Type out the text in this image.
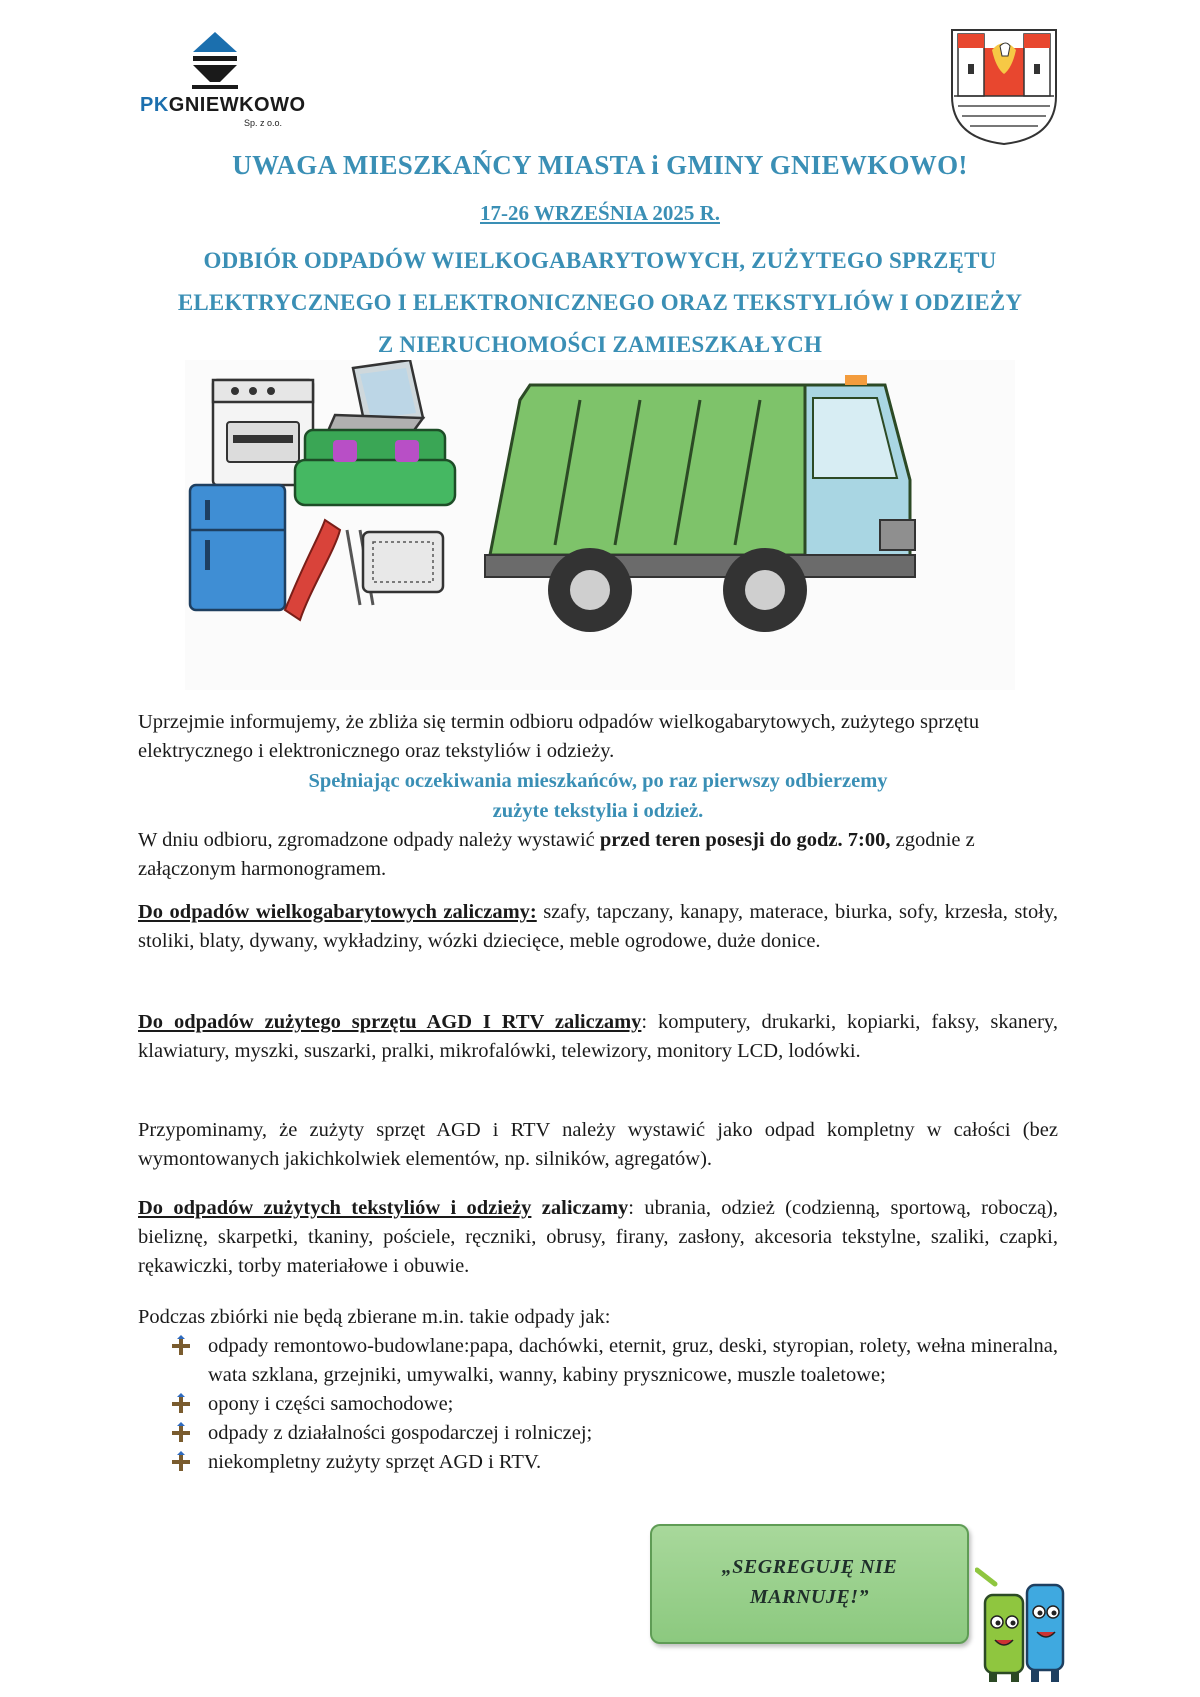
PKGNIEWKOWO
Sp. z o.o.
UWAGA MIESZKAŃCY MIASTA i GMINY GNIEWKOWO!
17-26 WRZEŚNIA 2025 R.
ODBIÓR ODPADÓW WIELKOGABARYTOWYCH, ZUŻYTEGO SPRZĘTU
ELEKTRYCZNEGO I ELEKTRONICZNEGO ORAZ TEKSTYLIÓW I ODZIEŻY
Z NIERUCHOMOŚCI ZAMIESZKAŁYCH
Uprzejmie informujemy, że zbliża się termin odbioru odpadów wielkogabarytowych, zużytego sprzętu elektrycznego i elektronicznego oraz tekstyliów i odzieży.
Spełniając oczekiwania mieszkańców, po raz pierwszy odbierzemy
zużyte tekstylia i odzież.
W dniu odbioru, zgromadzone odpady należy wystawić przed teren posesji do godz. 7:00, zgodnie z załączonym harmonogramem.
Do odpadów wielkogabarytowych zaliczamy: szafy, tapczany, kanapy, materace, biurka, sofy, krzesła, stoły, stoliki, blaty, dywany, wykładziny, wózki dziecięce, meble ogrodowe, duże donice.
Do odpadów zużytego sprzętu AGD I RTV zaliczamy: komputery, drukarki, kopiarki, faksy, skanery, klawiatury, myszki, suszarki, pralki, mikrofalówki, telewizory, monitory LCD, lodówki.
Przypominamy, że zużyty sprzęt AGD i RTV należy wystawić jako odpad kompletny w całości (bez wymontowanych jakichkolwiek elementów, np. silników, agregatów).
Do odpadów zużytych tekstyliów i odzieży zaliczamy: ubrania, odzież (codzienną, sportową, roboczą), bieliznę, skarpetki, tkaniny, pościele, ręczniki, obrusy, firany, zasłony, akcesoria tekstylne, szaliki, czapki, rękawiczki, torby materiałowe i obuwie.
Podczas zbiórki nie będą zbierane m.in. takie odpady jak:
odpady remontowo-budowlane:papa, dachówki, eternit, gruz, deski, styropian, rolety, wełna mineralna, wata szklana, grzejniki, umywalki, wanny, kabiny prysznicowe, muszle toaletowe;
opony i części samochodowe;
odpady z działalności gospodarczej i rolniczej;
niekompletny zużyty sprzęt AGD i RTV.
„SEGREGUJĘ NIE
MARNUJĘ!”
